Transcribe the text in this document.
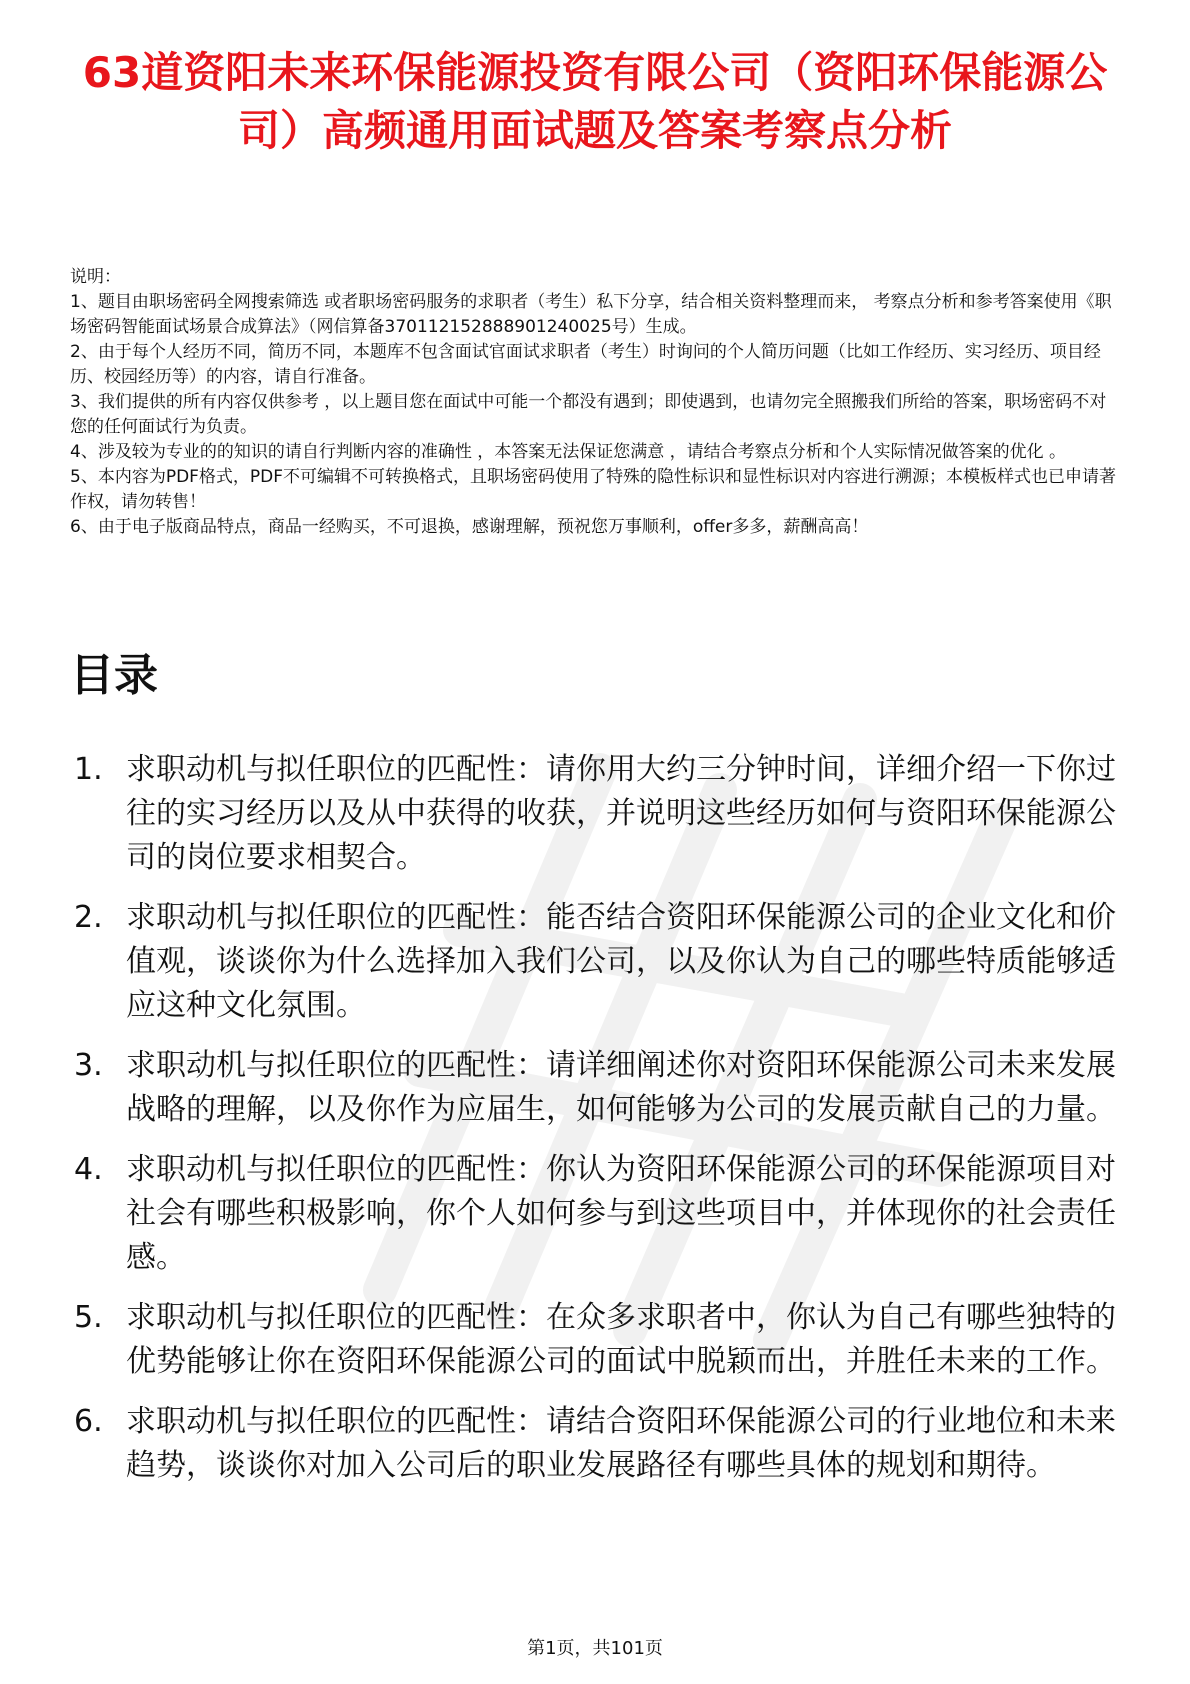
63道资阳未来环保能源投资有限公司（资阳环保能源公司）高频通用面试题及答案考察点分析

说明：

1、题目由职场密码全网搜索筛选 或者职场密码服务的求职者（考生）私下分享，结合相关资料整理而来， 考察点分析和参考答案使用《职场密码智能面试场景合成算法》（网信算备370112152888901240025号）生成。

2、由于每个人经历不同，简历不同，本题库不包含面试官面试求职者（考生）时询问的个人简历问题（比如工作经历、实习经历、项目经历、校园经历等）的内容，请自行准备。

3、我们提供的所有内容仅供参考 ，以上题目您在面试中可能一个都没有遇到；即使遇到，也请勿完全照搬我们所给的答案，职场密码不对您的任何面试行为负责。

4、涉及较为专业的的知识的请自行判断内容的准确性 ，本答案无法保证您满意 ，请结合考察点分析和个人实际情况做答案的优化 。

5、本内容为PDF格式，PDF不可编辑不可转换格式，且职场密码使用了特殊的隐性标识和显性标识对内容进行溯源；本模板样式也已申请著作权，请勿转售！

6、由于电子版商品特点，商品一经购买，不可退换，感谢理解，预祝您万事顺利，offer多多，薪酬高高！

目录
1. 求职动机与拟任职位的匹配性：请你用大约三分钟时间，详细介绍一下你过往的实习经历以及从中获得的收获，并说明这些经历如何与资阳环保能源公司的岗位要求相契合。
2. 求职动机与拟任职位的匹配性：能否结合资阳环保能源公司的企业文化和价值观，谈谈你为什么选择加入我们公司，以及你认为自己的哪些特质能够适应这种文化氛围。
3. 求职动机与拟任职位的匹配性：请详细阐述你对资阳环保能源公司未来发展战略的理解，以及你作为应届生，如何能够为公司的发展贡献自己的力量。
4. 求职动机与拟任职位的匹配性：你认为资阳环保能源公司的环保能源项目对社会有哪些积极影响，你个人如何参与到这些项目中，并体现你的社会责任感。
5. 求职动机与拟任职位的匹配性：在众多求职者中，你认为自己有哪些独特的优势能够让你在资阳环保能源公司的面试中脱颖而出，并胜任未来的工作。
6. 求职动机与拟任职位的匹配性：请结合资阳环保能源公司的行业地位和未来趋势，谈谈你对加入公司后的职业发展路径有哪些具体的规划和期待。
第1页，共101页
